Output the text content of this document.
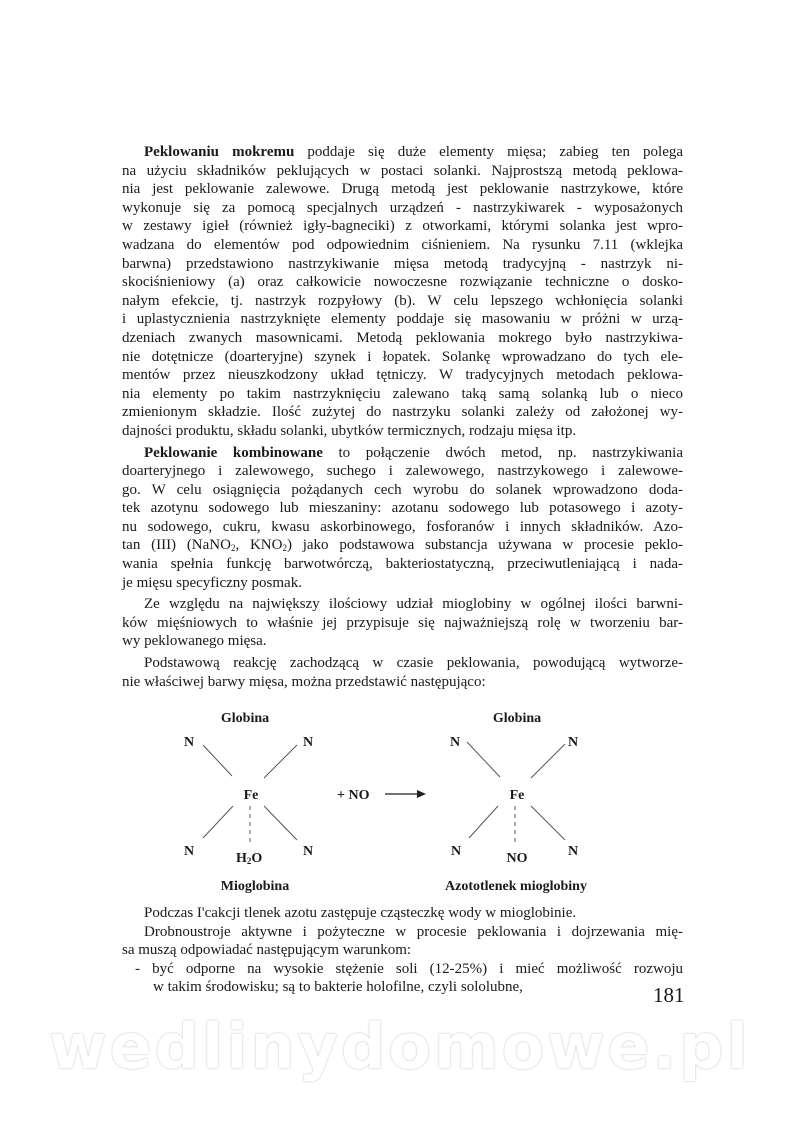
Peklowaniu mokremu poddaje się duże elementy mięsa; zabieg ten polega
na użyciu składników peklujących w postaci solanki. Najprostszą metodą peklowa-
nia jest peklowanie zalewowe. Drugą metodą jest peklowanie nastrzykowe, które
wykonuje się za pomocą specjalnych urządzeń - nastrzykiwarek - wyposażonych
w zestawy igieł (również igły-bagneciki) z otworkami, którymi solanka jest wpro-
wadzana do elementów pod odpowiednim ciśnieniem. Na rysunku 7.11 (wklejka
barwna) przedstawiono nastrzykiwanie mięsa metodą tradycyjną - nastrzyk ni-
skociśnieniowy (a) oraz całkowicie nowoczesne rozwiązanie techniczne o dosko-
nałym efekcie, tj. nastrzyk rozpyłowy (b). W celu lepszego wchłonięcia solanki
i uplastycznienia nastrzyknięte elementy poddaje się masowaniu w próżni w urzą-
dzeniach zwanych masownicami. Metodą peklowania mokrego było nastrzykiwa-
nie dotętnicze (doarteryjne) szynek i łopatek. Solankę wprowadzano do tych ele-
mentów przez nieuszkodzony układ tętniczy. W tradycyjnych metodach peklowa-
nia elementy po takim nastrzyknięciu zalewano taką samą solanką lub o nieco
zmienionym składzie. Ilość zużytej do nastrzyku solanki zależy od założonej wy-
dajności produktu, składu solanki, ubytków termicznych, rodzaju mięsa itp.
Peklowanie kombinowane to połączenie dwóch metod, np. nastrzykiwania
doarteryjnego i zalewowego, suchego i zalewowego, nastrzykowego i zalewowe-
go. W celu osiągnięcia pożądanych cech wyrobu do solanek wprowadzono doda-
tek azotynu sodowego lub mieszaniny: azotanu sodowego lub potasowego i azoty-
nu sodowego, cukru, kwasu askorbinowego, fosforanów i innych składników. Azo-
tan (III) (NaNO$_2$, $KNO_2$) jako podstawowa substancja używana w procesie peklo-
wania spełnia funkcję barwotwórczą, bakteriostatyczną, przeciwutleniającą i nada-
je mięsu specyficzny posmak.
Ze względu na największy ilościowy udział mioglobiny w ogólnej ilości barwni-
ków mięśniowych to właśnie jej przypisuje się najważniejszą rolę w tworzeniu bar-
wy peklowanego mięsa.
Podstawową reakcję zachodzącą w czasie peklowania, powodującą wytworze-
nie właściwej barwy mięsa, można przedstawić następująco:
Globina
N	N
Fe
N	N
H2O
Mioglobina
+ NO
Globina
N	N
Fe
N	N
NO
Azototlenek mioglobiny
Podczas I'cakcji tlenek azotu zastępuje cząsteczkę wody w mioglobinie.
Drobnoustroje aktywne i pożyteczne w procesie peklowania i dojrzewania mię-
sa muszą odpowiadać następującym warunkom:
- być odporne na wysokie stężenie soli (12-25%) i mieć możliwość rozwoju
w takim środowisku; są to bakterie holofilne, czyli sololubne,	181
wedlinydomowe.pl
